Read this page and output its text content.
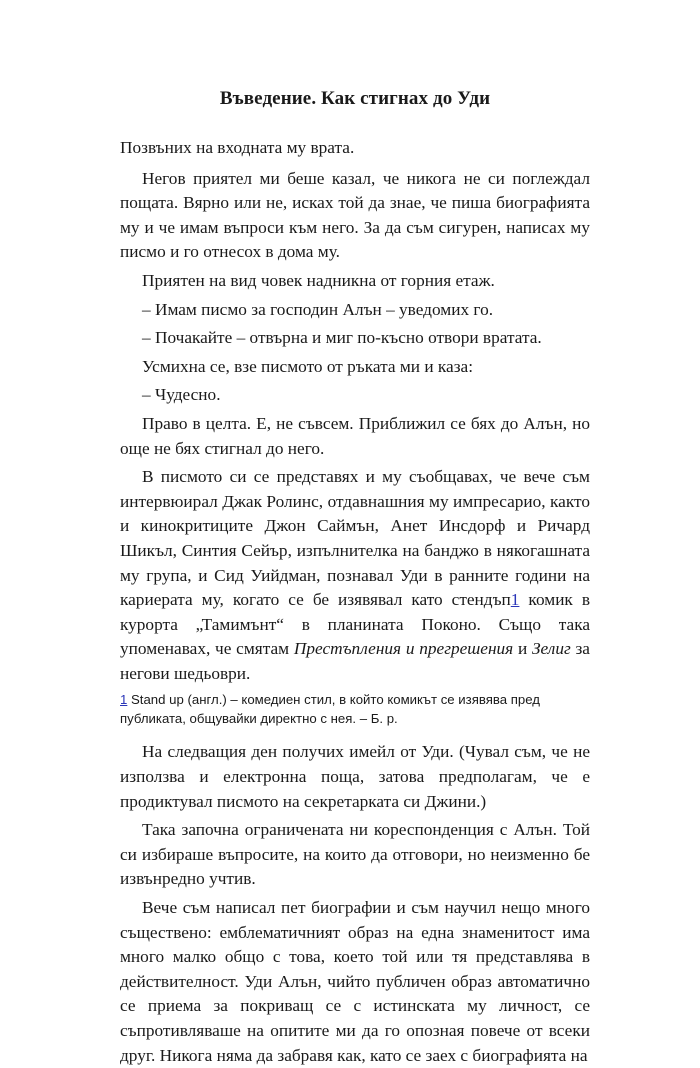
Въведение. Как стигнах до Уди

Позвъних на входната му врата.

Негов приятел ми беше казал, че никога не си поглеждал пощата. Вярно или не, исках той да знае, че пиша биографията му и че имам въпроси към него. За да съм сигурен, написах му писмо и го отнесох в дома му.

Приятен на вид човек надникна от горния етаж.

– Имам писмо за господин Алън – уведомих го.

– Почакайте – отвърна и миг по-късно отвори вратата.

Усмихна се, взе писмото от ръката ми и каза:

– Чудесно.

Право в целта. Е, не съвсем. Приближил се бях до Алън, но още не бях стигнал до него.

В писмото си се представях и му съобщавах, че вече съм интервюирал Джак Ролинс, отдавнашния му импресарио, както и кинокритиците Джон Саймън, Анет Инсдорф и Ричард Шикъл, Синтия Сейър, изпълнителка на банджо в някогашната му група, и Сид Уийдман, познавал Уди в ранните години на кариерата му, когато се бе изявявал като стендъп1 комик в курорта „Тамимънт“ в планината Поконо. Също така упоменавах, че смятам Престъпления и прегрешения и Зелиг за негови шедьоври.

1 Stand up (англ.) – комедиен стил, в който комикът се изявява пред публиката, общувайки директно с нея. – Б. р.

На следващия ден получих имейл от Уди. (Чувал съм, че не използва и електронна поща, затова предполагам, че е продиктувал писмото на секретарката си Джини.)

Така започна ограничената ни кореспонденция с Алън. Той си избираше въпросите, на които да отговори, но неизменно бе извънредно учтив.

Вече съм написал пет биографии и съм научил нещо много съществено: емблематичният образ на една знаменитост има много малко общо с това, което той или тя представлява в действителност. Уди Алън, чийто публичен образ автоматично се приема за покриващ се с истинската му личност, се съпротивляваше на опитите ми да го опозная повече от всеки друг. Никога няма да забравя как, като се заех с биографията на
